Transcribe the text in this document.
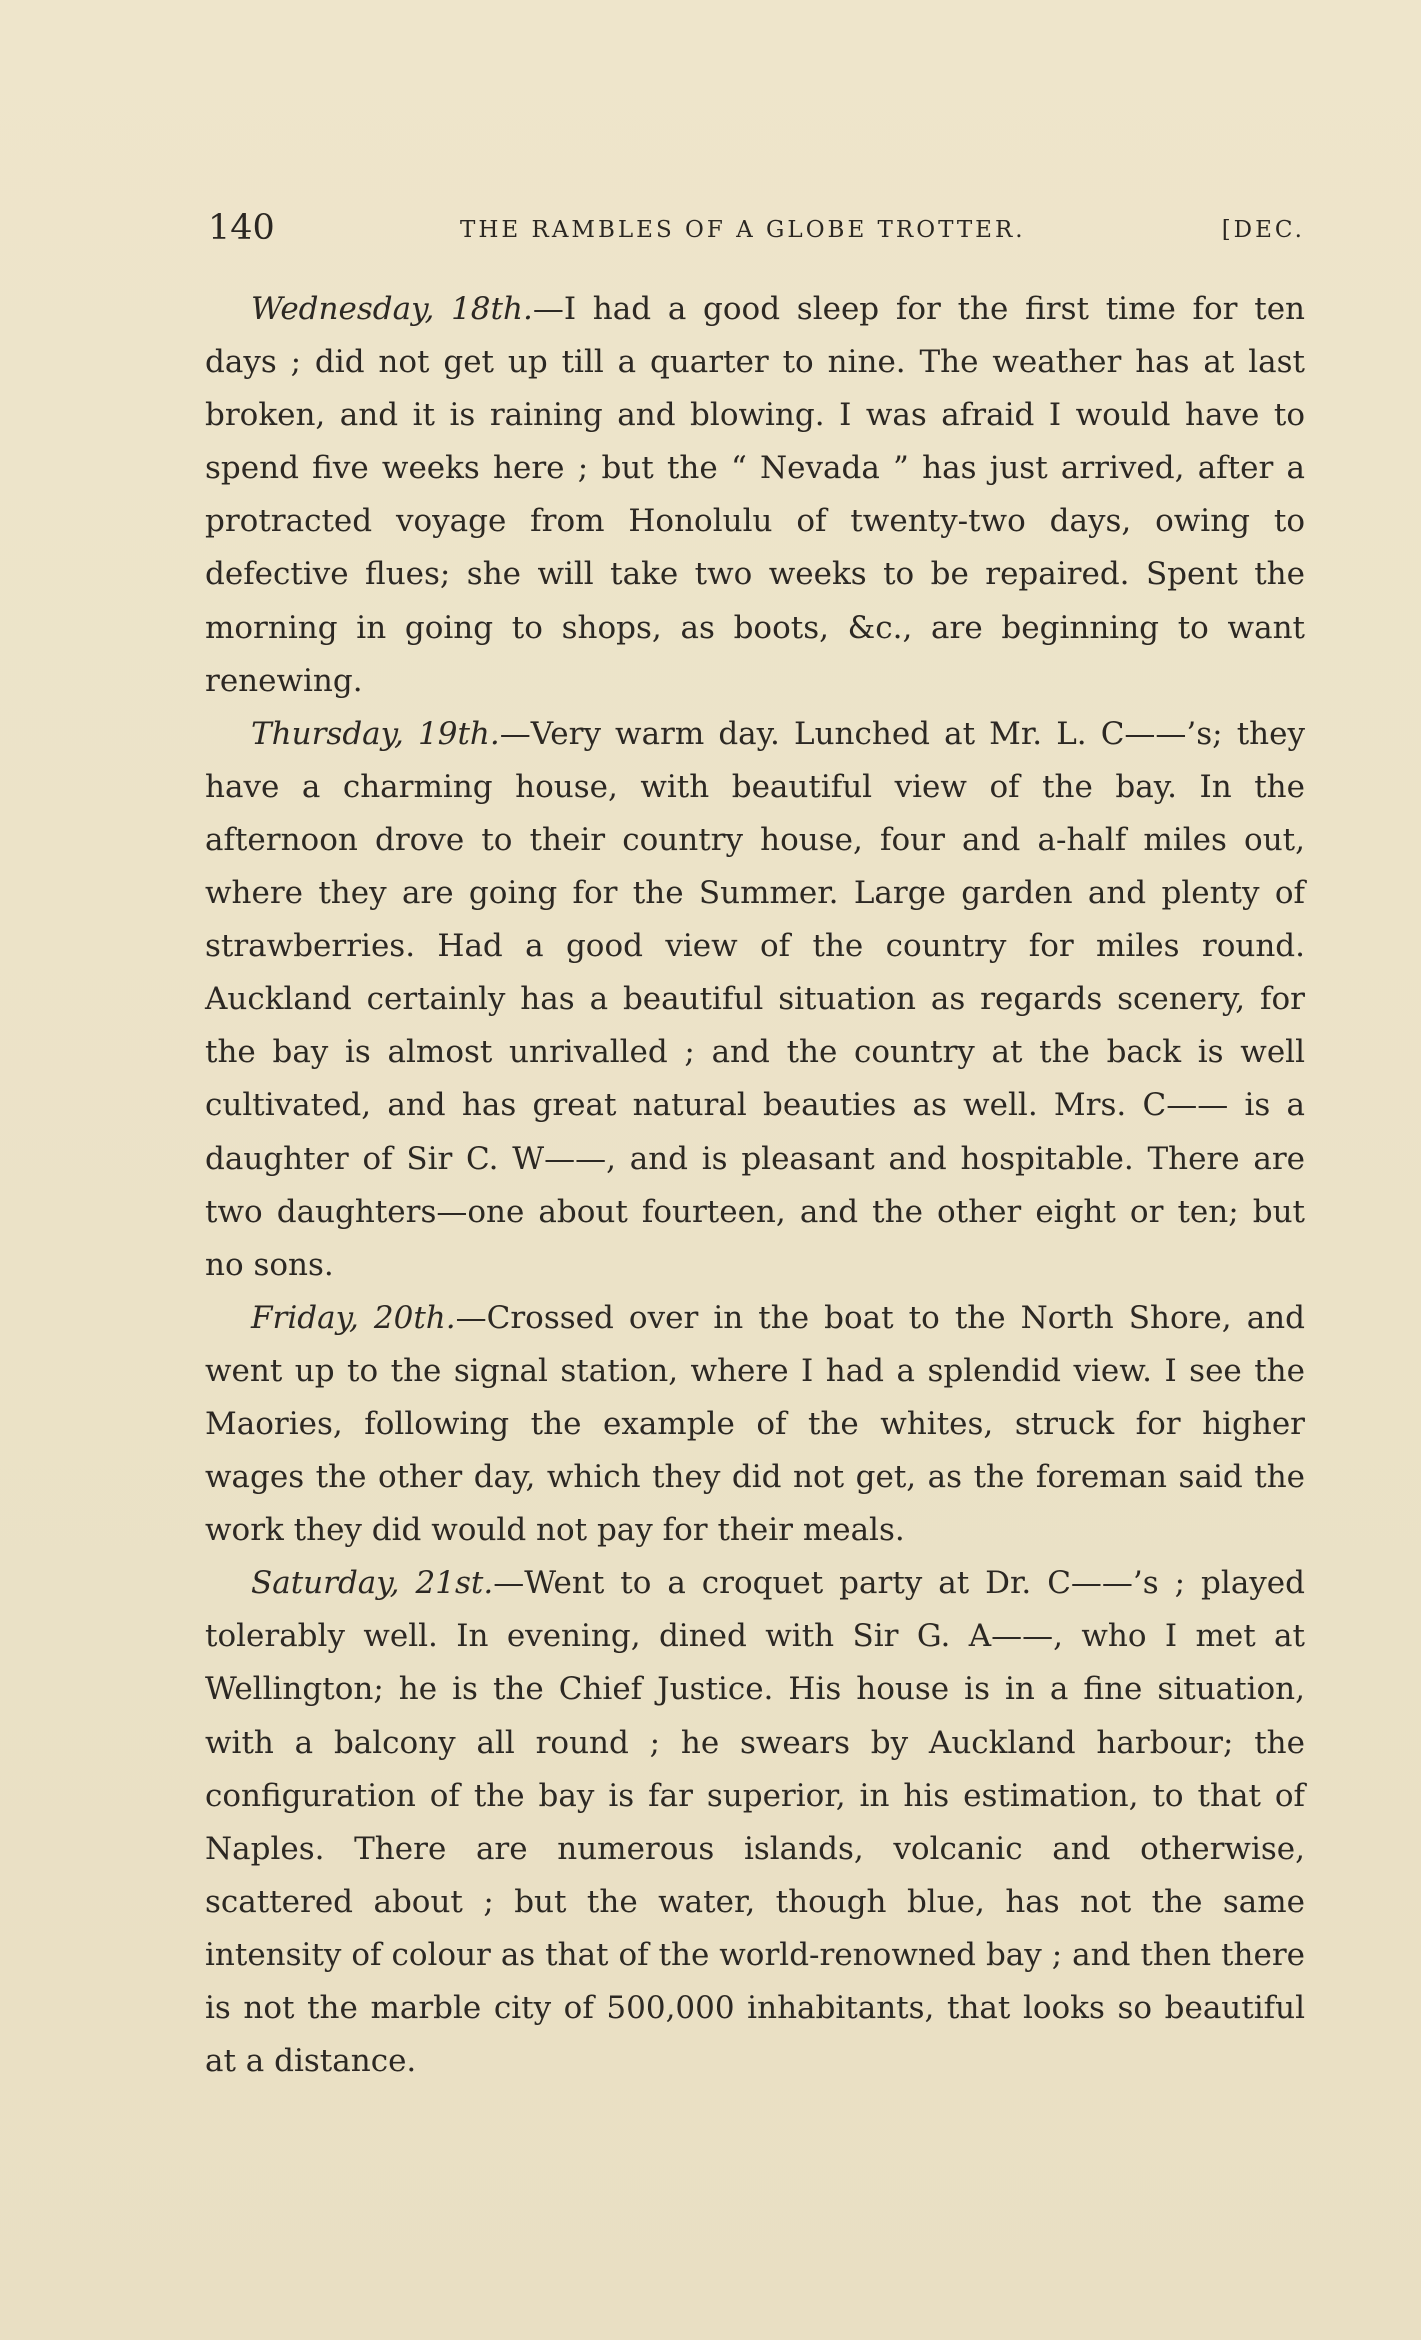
140	THE RAMBLES OF A GLOBE TROTTER.	[DEC.

Wednesday, 18th.—I had a good sleep for the first time for ten days ; did not get up till a quarter to nine. The weather has at last broken, and it is raining and blowing. I was afraid I would have to spend five weeks here ; but the “ Nevada ” has just arrived, after a protracted voyage from Honolulu of twenty-two days, owing to defective flues; she will take two weeks to be repaired. Spent the morning in going to shops, as boots, &c., are beginning to want renewing.

Thursday, 19th.—Very warm day. Lunched at Mr. L. C——’s; they have a charming house, with beautiful view of the bay. In the afternoon drove to their country house, four and a-half miles out, where they are going for the Summer. Large garden and plenty of strawberries. Had a good view of the country for miles round. Auckland certainly has a beautiful situation as regards scenery, for the bay is almost unrivalled ; and the country at the back is well cultivated, and has great natural beauties as well. Mrs. C—— is a daughter of Sir C. W——, and is pleasant and hospitable. There are two daughters—one about fourteen, and the other eight or ten; but no sons.

Friday, 20th.—Crossed over in the boat to the North Shore, and went up to the signal station, where I had a splendid view. I see the Maories, following the example of the whites, struck for higher wages the other day, which they did not get, as the foreman said the work they did would not pay for their meals.

Saturday, 21st.—Went to a croquet party at Dr. C——’s ; played tolerably well. In evening, dined with Sir G. A——, who I met at Wellington; he is the Chief Justice. His house is in a fine situation, with a balcony all round ; he swears by Auckland harbour; the configuration of the bay is far superior, in his estimation, to that of Naples. There are numerous islands, volcanic and otherwise, scattered about ; but the water, though blue, has not the same intensity of colour as that of the world-renowned bay ; and then there is not the marble city of 500,000 inhabitants, that looks so beautiful at a distance.
